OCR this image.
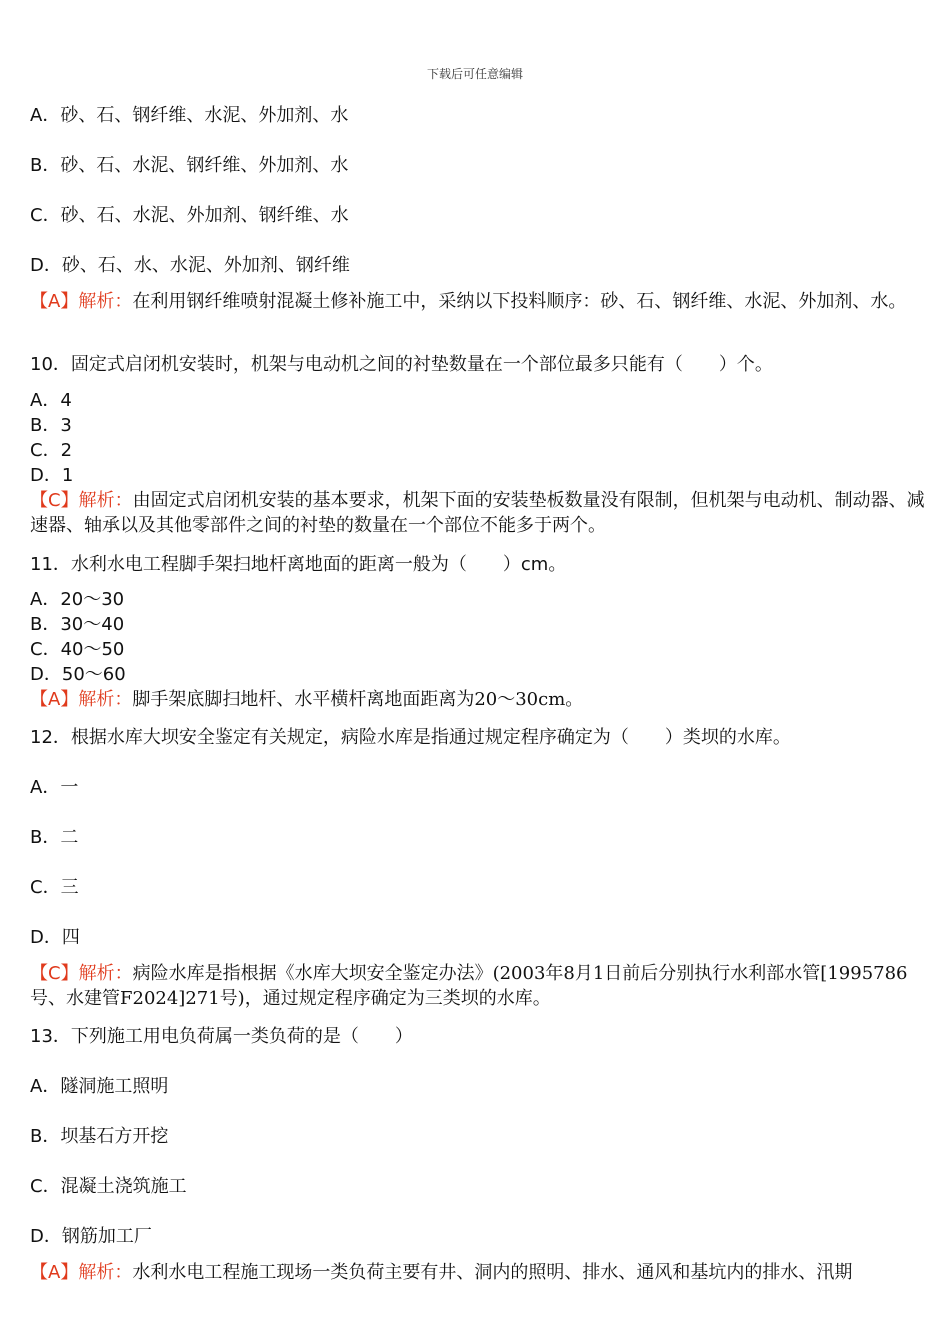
下载后可任意编辑
A．砂、石、钢纤维、水泥、外加剂、水
B．砂、石、水泥、钢纤维、外加剂、水
C．砂、石、水泥、外加剂、钢纤维、水
D．砂、石、水、水泥、外加剂、钢纤维
【A】解析：在利用钢纤维喷射混凝土修补施工中，采纳以下投料顺序：砂、石、钢纤维、水泥、外加剂、水。
10．固定式启闭机安装时，机架与电动机之间的衬垫数量在一个部位最多只能有（　　）个。
A．4
B．3
C．2
D．1
【C】解析：由固定式启闭机安装的基本要求，机架下面的安装垫板数量没有限制，但机架与电动机、制动器、减速器、轴承以及其他零部件之间的衬垫的数量在一个部位不能多于两个。
11．水利水电工程脚手架扫地杆离地面的距离一般为（　　）cm。
A．20～30
B．30～40
C．40～50
D．50～60
【A】解析：脚手架底脚扫地杆、水平横杆离地面距离为20～30cm。
12．根据水库大坝安全鉴定有关规定，病险水库是指通过规定程序确定为（　　）类坝的水库。
A．一
B．二
C．三
D．四
【C】解析：病险水库是指根据《水库大坝安全鉴定办法》(2003年8月1日前后分别执行水利部水管[1995786号、水建管F2024]271号)，通过规定程序确定为三类坝的水库。
13．下列施工用电负荷属一类负荷的是（　　）
A．隧洞施工照明
B．坝基石方开挖
C．混凝土浇筑施工
D．钢筋加工厂
【A】解析：水利水电工程施工现场一类负荷主要有井、洞内的照明、排水、通风和基坑内的排水、汛期
